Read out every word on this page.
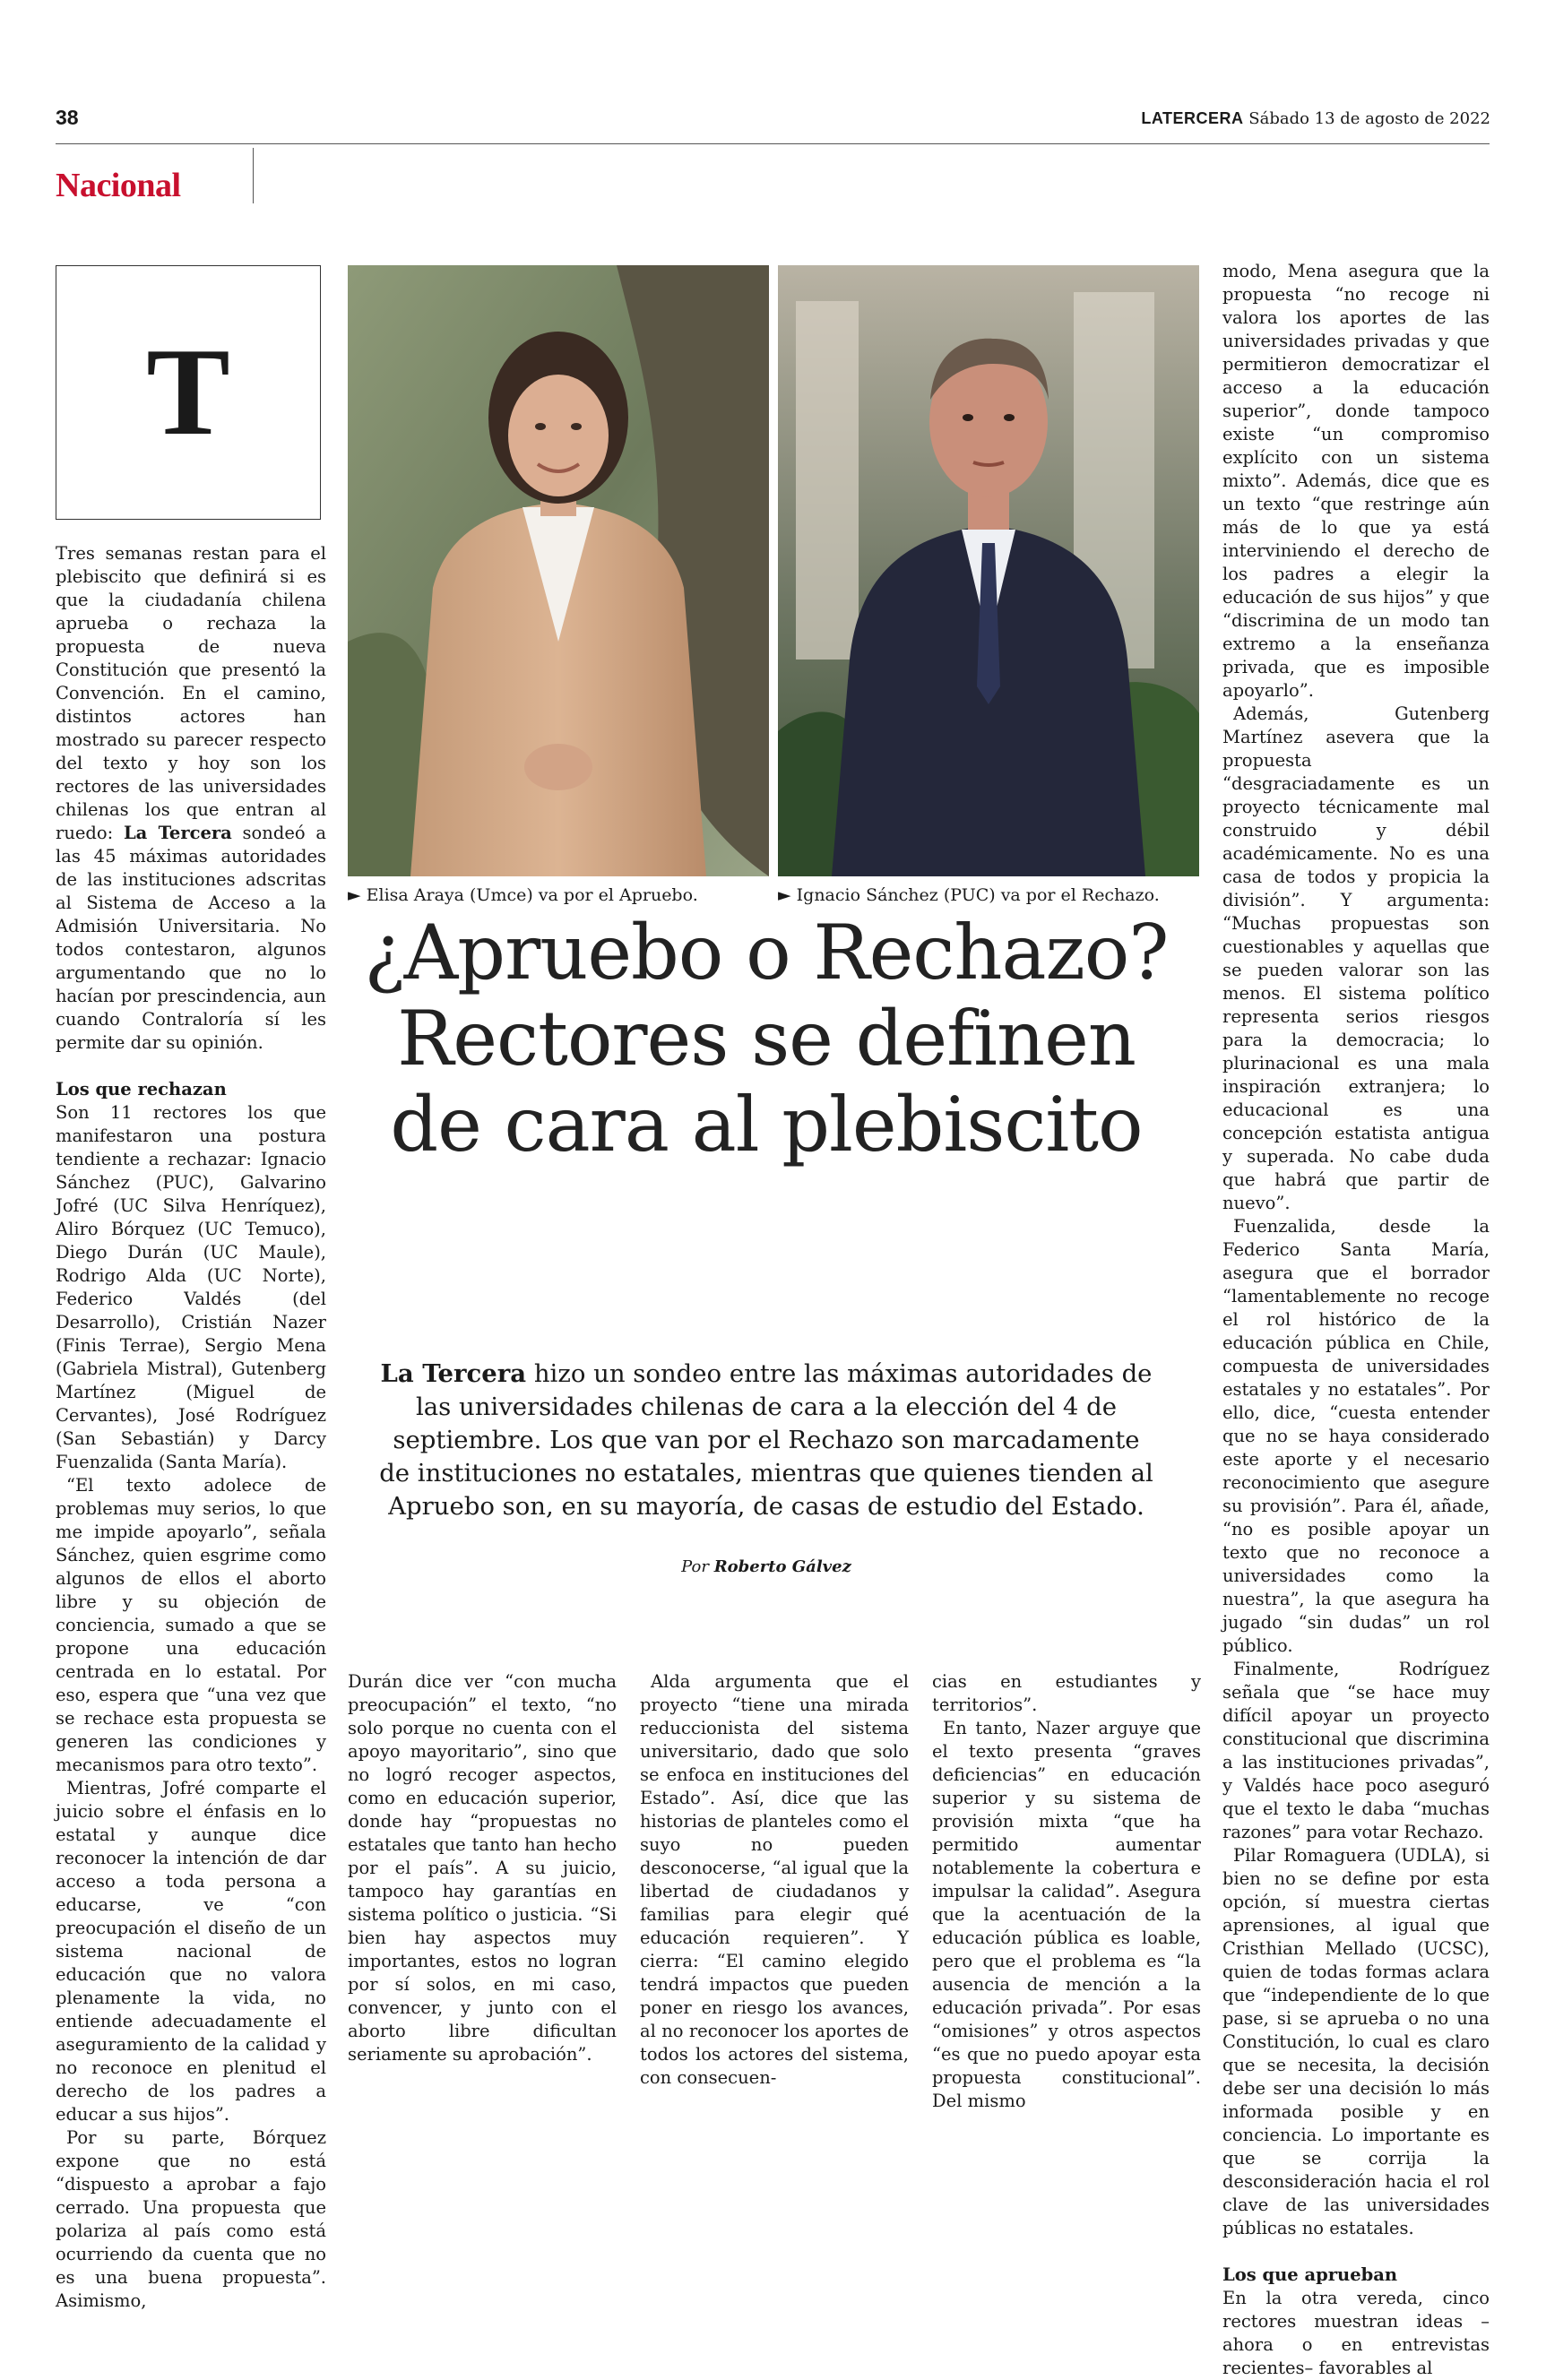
38	LATERCERA Sábado 13 de agosto de 2022
Nacional
T

Tres semanas restan para el plebiscito que definirá si es que la ciudadanía chilena aprueba o rechaza la propuesta de nueva Constitución que presentó la Convención. En el camino, distintos actores han mostrado su parecer respecto del texto y hoy son los rectores de las universidades chilenas los que entran al ruedo: La Tercera sondeó a las 45 máximas autoridades de las instituciones adscritas al Sistema de Acceso a la Admisión Universitaria. No todos contestaron, algunos argumentando que no lo hacían por prescindencia, aun cuando Contraloría sí les permite dar su opinión.

Los que rechazan

Son 11 rectores los que manifestaron una postura tendiente a rechazar: Ignacio Sánchez (PUC), Galvarino Jofré (UC Silva Henríquez), Aliro Bórquez (UC Temuco), Diego Durán (UC Maule), Rodrigo Alda (UC Norte), Federico Valdés (del Desarrollo), Cristián Nazer (Finis Terrae), Sergio Mena (Gabriela Mistral), Gutenberg Martínez (Miguel de Cervantes), José Rodríguez (San Sebastián) y Darcy Fuenzalida (Santa María).

“El texto adolece de problemas muy serios, lo que me impide apoyarlo”, señala Sánchez, quien esgrime como algunos de ellos el aborto libre y su objeción de conciencia, sumado a que se propone una educación centrada en lo estatal. Por eso, espera que “una vez que se rechace esta propuesta se generen las condiciones y mecanismos para otro texto”.

Mientras, Jofré comparte el juicio sobre el énfasis en lo estatal y aunque dice reconocer la intención de dar acceso a toda persona a educarse, ve “con preocupación el diseño de un sistema nacional de educación que no valora plenamente la vida, no entiende adecuadamente el aseguramiento de la calidad y no reconoce en plenitud el derecho de los padres a educar a sus hijos”.

Por su parte, Bórquez expone que no está “dispuesto a aprobar a fajo cerrado. Una propuesta que polariza al país como está ocurriendo da cuenta que no es una buena propuesta”. Asimismo,

► Elisa Araya (Umce) va por el Apruebo.	► Ignacio Sánchez (PUC) va por el Rechazo.
¿Apruebo o Rechazo? Rectores se definen de cara al plebiscito
La Tercera hizo un sondeo entre las máximas autoridades de las universidades chilenas de cara a la elección del 4 de septiembre. Los que van por el Rechazo son marcadamente de instituciones no estatales, mientras que quienes tienden al Apruebo son, en su mayoría, de casas de estudio del Estado.
Por Roberto Gálvez

Durán dice ver “con mucha preocupación” el texto, “no solo porque no cuenta con el apoyo mayoritario”, sino que no logró recoger aspectos, como en educación superior, donde hay “propuestas no estatales que tanto han hecho por el país”. A su juicio, tampoco hay garantías en sistema político o justicia. “Si bien hay aspectos muy importantes, estos no logran por sí solos, en mi caso, convencer, y junto con el aborto libre dificultan seriamente su aprobación”.

Alda argumenta que el proyecto “tiene una mirada reduccionista del sistema universitario, dado que solo se enfoca en instituciones del Estado”. Así, dice que las historias de planteles como el suyo no pueden desconocerse, “al igual que la libertad de ciudadanos y familias para elegir qué educación requieren”. Y cierra: “El camino elegido tendrá impactos que pueden poner en riesgo los avances, al no reconocer los aportes de todos los actores del sistema, con consecuen-

cias en estudiantes y territorios”.

En tanto, Nazer arguye que el texto presenta “graves deficiencias” en educación superior y su sistema de provisión mixta “que ha permitido aumentar notablemente la cobertura e impulsar la calidad”. Asegura que la acentuación de la educación pública es loable, pero que el problema es “la ausencia de mención a la educación privada”. Por esas “omisiones” y otros aspectos “es que no puedo apoyar esta propuesta constitucional”. Del mismo

modo, Mena asegura que la propuesta “no recoge ni valora los aportes de las universidades privadas y que permitieron democratizar el acceso a la educación superior”, donde tampoco existe “un compromiso explícito con un sistema mixto”. Además, dice que es un texto “que restringe aún más de lo que ya está interviniendo el derecho de los padres a elegir la educación de sus hijos” y que “discrimina de un modo tan extremo a la enseñanza privada, que es imposible apoyarlo”.

Además, Gutenberg Martínez asevera que la propuesta “desgraciadamente es un proyecto técnicamente mal construido y débil académicamente. No es una casa de todos y propicia la división”. Y argumenta: “Muchas propuestas son cuestionables y aquellas que se pueden valorar son las menos. El sistema político representa serios riesgos para la democracia; lo plurinacional es una mala inspiración extranjera; lo educacional es una concepción estatista antigua y superada. No cabe duda que habrá que partir de nuevo”.

Fuenzalida, desde la Federico Santa María, asegura que el borrador “lamentablemente no recoge el rol histórico de la educación pública en Chile, compuesta de universidades estatales y no estatales”. Por ello, dice, “cuesta entender que no se haya considerado este aporte y el necesario reconocimiento que asegure su provisión”. Para él, añade, “no es posible apoyar un texto que no reconoce a universidades como la nuestra”, la que asegura ha jugado “sin dudas” un rol público.

Finalmente, Rodríguez señala que “se hace muy difícil apoyar un proyecto constitucional que discrimina a las instituciones privadas”, y Valdés hace poco aseguró que el texto le daba “muchas razones” para votar Rechazo.

Pilar Romaguera (UDLA), si bien no se define por esta opción, sí muestra ciertas aprensiones, al igual que Cristhian Mellado (UCSC), quien de todas formas aclara que “independiente de lo que pase, si se aprueba o no una Constitución, lo cual es claro que se necesita, la decisión debe ser una decisión lo más informada posible y en conciencia. Lo importante es que se corrija la desconsideración hacia el rol clave de las universidades públicas no estatales.

Los que aprueban

En la otra vereda, cinco rectores muestran ideas –ahora o en entrevistas recientes– favorables al
